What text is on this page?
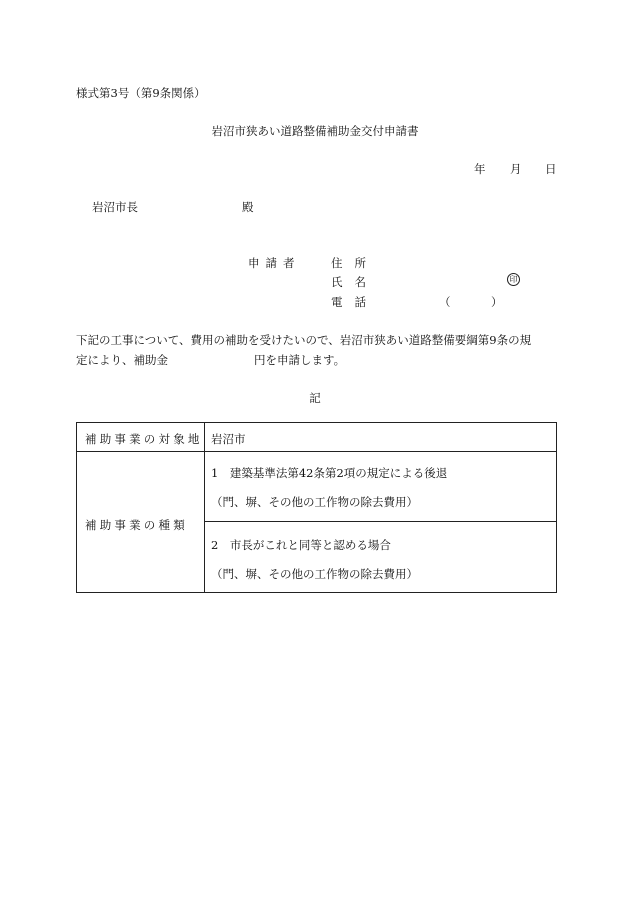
様式第3号（第9条関係）
岩沼市狭あい道路整備補助金交付申請書
年 月 日
岩沼市長	殿
申請者	住所
氏名	印
電話	（	）
下記の工事について、費用の補助を受けたいので、岩沼市狭あい道路整備要綱第9条の規
定により、補助金	円を申請します。
記
補助事業の対象地 岩沼市
補助事業の種類
1　建築基準法第42条第2項の規定による後退
（門、塀、その他の工作物の除去費用）
2　市長がこれと同等と認める場合
（門、塀、その他の工作物の除去費用）
